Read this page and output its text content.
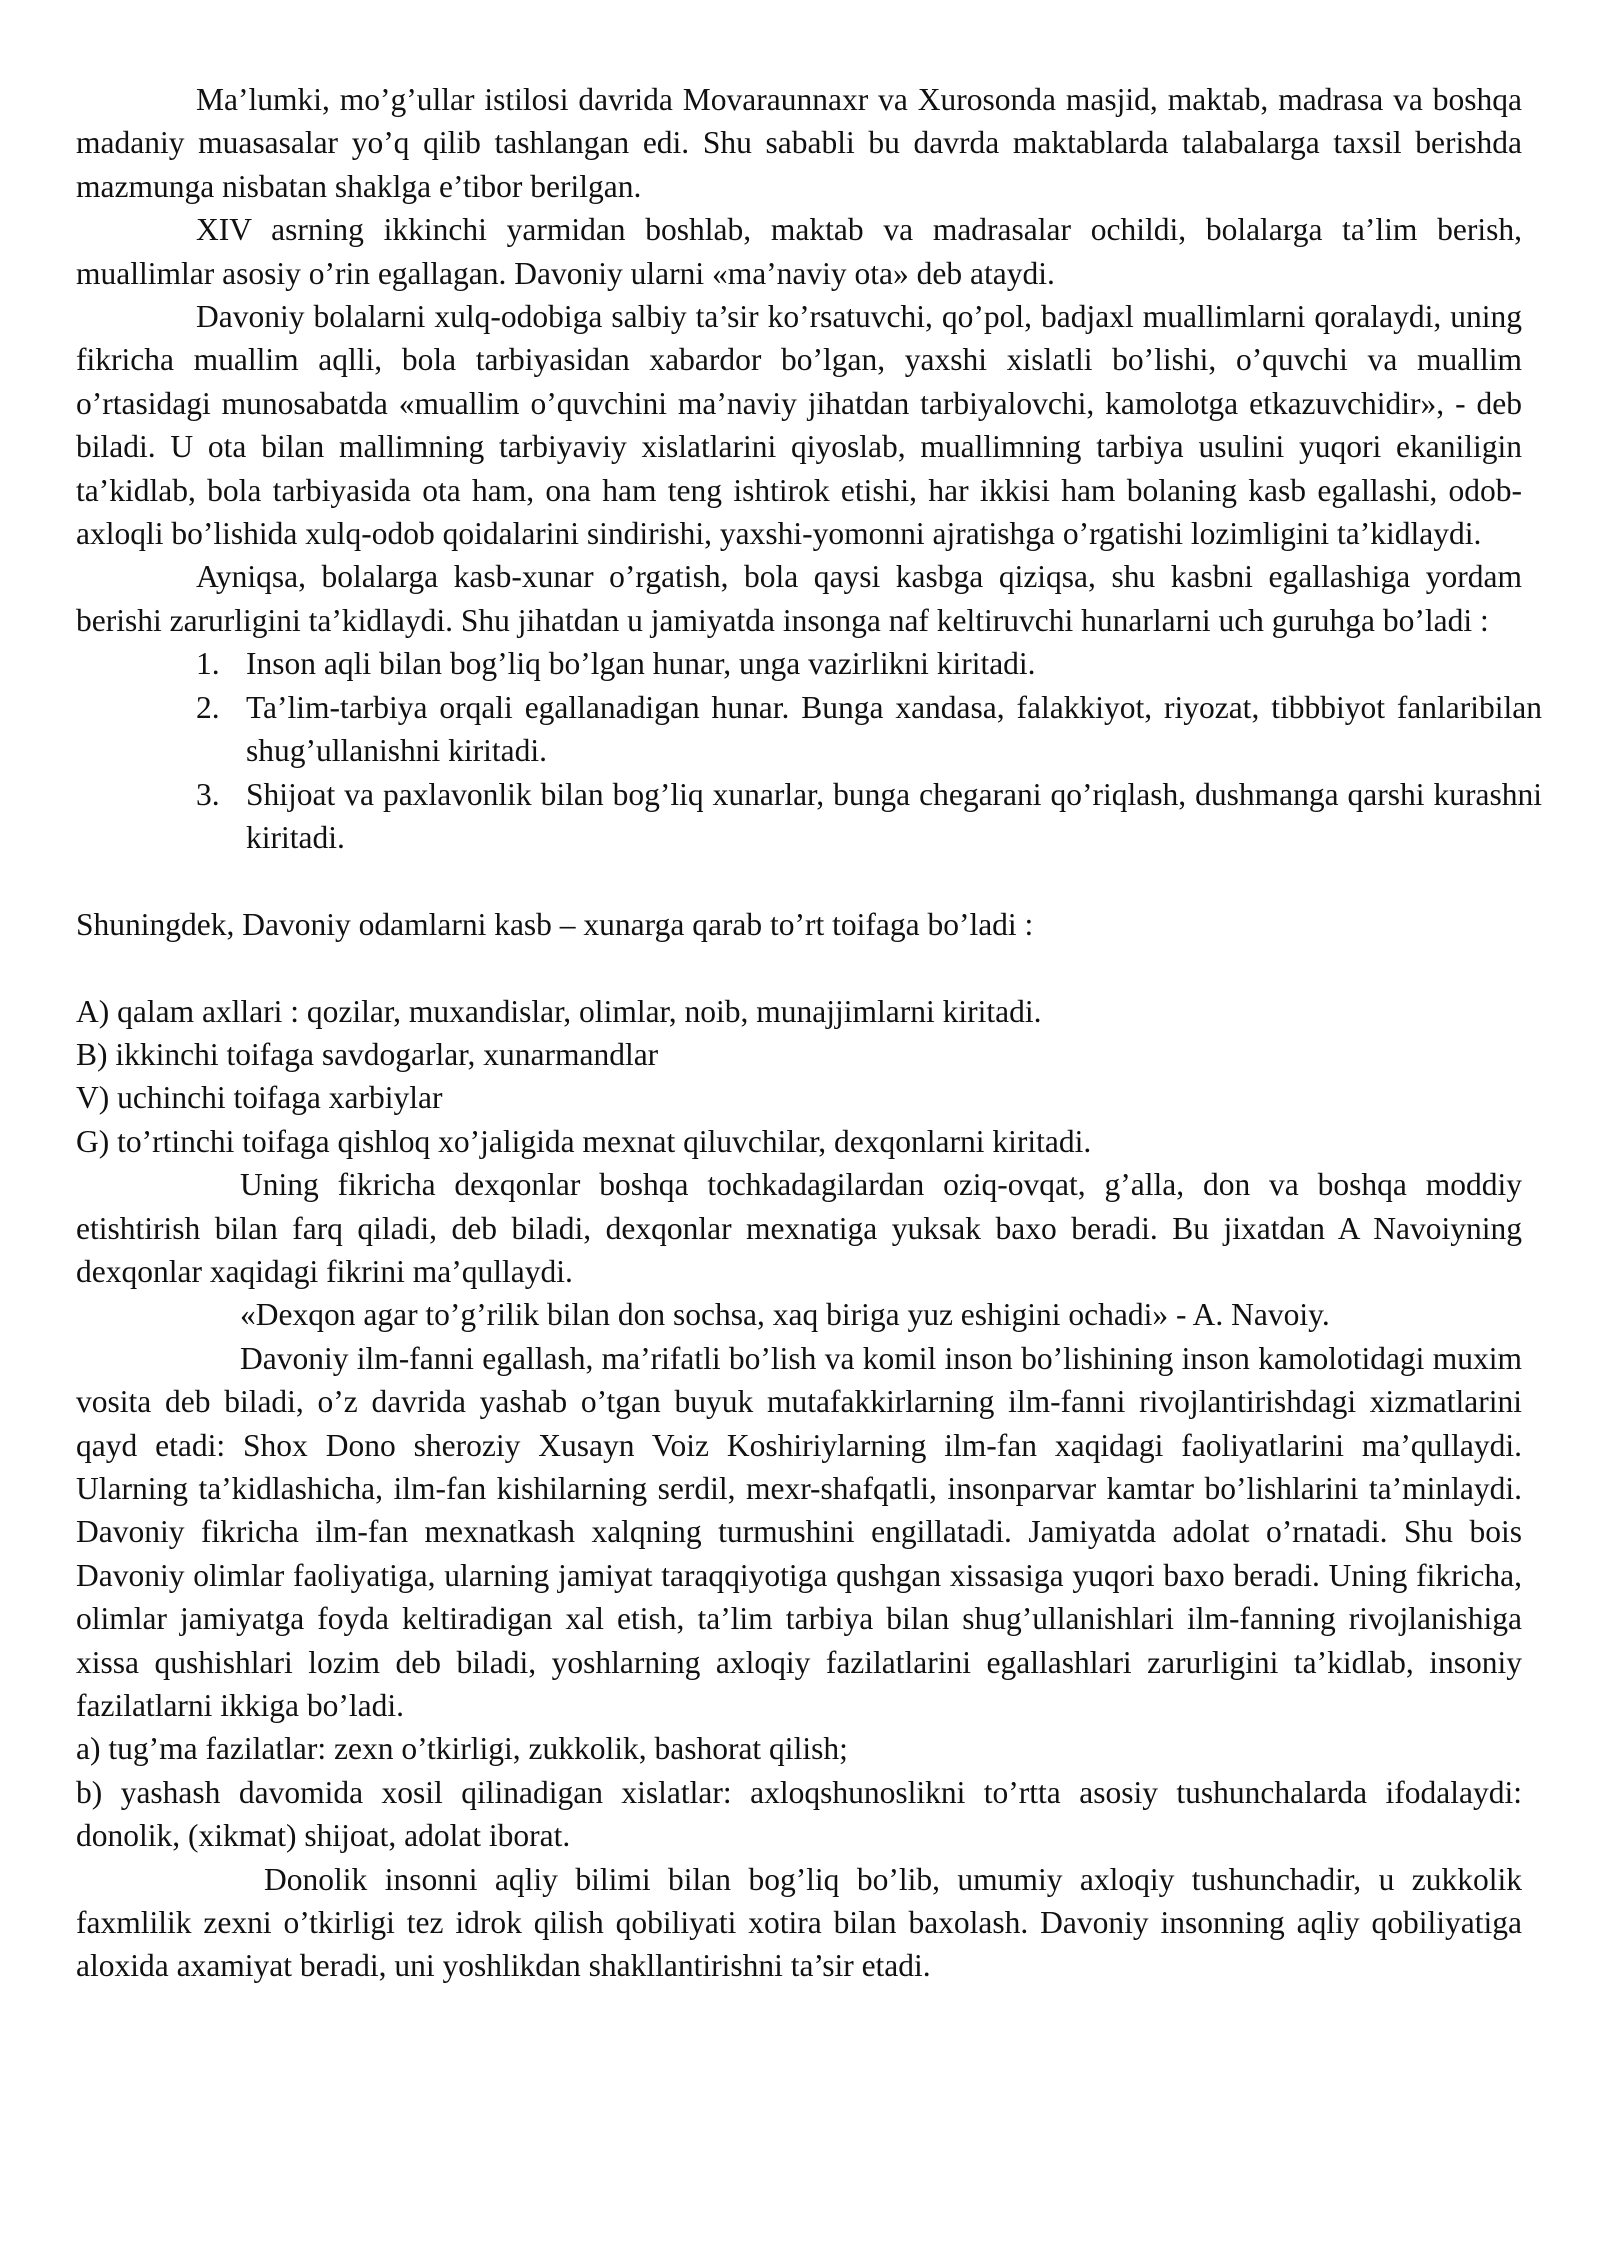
Ma’lumki, mo’g’ullar istilosi davrida Movaraunnaxr va Xurosonda masjid, maktab, madrasa va boshqa madaniy muasasalar yo’q qilib tashlangan edi. Shu sababli bu davrda maktablarda talabalarga taxsil berishda mazmunga nisbatan shaklga e’tibor berilgan.

XIV asrning ikkinchi yarmidan boshlab, maktab va madrasalar ochildi, bolalarga ta’lim berish, muallimlar asosiy o’rin egallagan. Davoniy ularni «ma’naviy ota» deb ataydi.

Davoniy bolalarni xulq-odobiga salbiy ta’sir ko’rsatuvchi, qo’pol, badjaxl muallimlarni qoralaydi, uning fikricha muallim aqlli, bola tarbiyasidan xabardor bo’lgan, yaxshi xislatli bo’lishi, o’quvchi va muallim o’rtasidagi munosabatda «muallim o’quvchini ma’naviy jihatdan tarbiyalovchi, kamolotga etkazuvchidir», - deb biladi. U ota bilan mallimning tarbiyaviy xislatlarini qiyoslab, muallimning tarbiya usulini yuqori ekaniligin ta’kidlab, bola tarbiyasida ota ham, ona ham teng ishtirok etishi, har ikkisi ham bolaning kasb egallashi, odob-axloqli bo’lishida xulq-odob qoidalarini sindirishi, yaxshi-yomonni ajratishga o’rgatishi lozimligini ta’kidlaydi.

Ayniqsa, bolalarga kasb-xunar o’rgatish, bola qaysi kasbga qiziqsa, shu kasbni egallashiga yordam berishi zarurligini ta’kidlaydi. Shu jihatdan u jamiyatda insonga naf keltiruvchi hunarlarni uch guruhga bo’ladi :

1. Inson aqli bilan bog’liq bo’lgan hunar, unga vazirlikni kiritadi.
2. Ta’lim-tarbiya orqali egallanadigan hunar. Bunga xandasa, falakkiyot, riyozat, tibbbiyot fanlaribilan shug’ullanishni kiritadi.
3. Shijoat va paxlavonlik bilan bog’liq xunarlar, bunga chegarani qo’riqlash, dushmanga qarshi kurashni kiritadi.

Shuningdek, Davoniy odamlarni kasb – xunarga qarab to’rt toifaga bo’ladi :

A) qalam axllari : qozilar, muxandislar, olimlar, noib, munajjimlarni kiritadi.

B) ikkinchi toifaga savdogarlar, xunarmandlar

V) uchinchi toifaga xarbiylar

G) to’rtinchi toifaga qishloq xo’jaligida mexnat qiluvchilar, dexqonlarni kiritadi.

Uning fikricha dexqonlar boshqa tochkadagilardan oziq-ovqat, g’alla, don va boshqa moddiy etishtirish bilan farq qiladi, deb biladi, dexqonlar mexnatiga yuksak baxo beradi. Bu jixatdan A Navoiyning dexqonlar xaqidagi fikrini ma’qullaydi.

«Dexqon agar to’g’rilik bilan don sochsa, xaq biriga yuz eshigini ochadi» - A. Navoiy.

Davoniy ilm-fanni egallash, ma’rifatli bo’lish va komil inson bo’lishining inson kamolotidagi muxim vosita deb biladi, o’z davrida yashab o’tgan buyuk mutafakkirlarning ilm-fanni rivojlantirishdagi xizmatlarini qayd etadi: Shox Dono sheroziy Xusayn Voiz Koshiriylarning ilm-fan xaqidagi faoliyatlarini ma’qullaydi. Ularning ta’kidlashicha, ilm-fan kishilarning serdil, mexr-shafqatli, insonparvar kamtar bo’lishlarini ta’minlaydi. Davoniy fikricha ilm-fan mexnatkash xalqning turmushini engillatadi. Jamiyatda adolat o’rnatadi. Shu bois Davoniy olimlar faoliyatiga, ularning jamiyat taraqqiyotiga qushgan xissasiga yuqori baxo beradi. Uning fikricha, olimlar jamiyatga foyda keltiradigan xal etish, ta’lim tarbiya bilan shug’ullanishlari ilm-fanning rivojlanishiga xissa qushishlari lozim deb biladi, yoshlarning axloqiy fazilatlarini egallashlari zarurligini ta’kidlab, insoniy fazilatlarni ikkiga bo’ladi.

a) tug’ma fazilatlar: zexn o’tkirligi, zukkolik, bashorat qilish;

b) yashash davomida xosil qilinadigan xislatlar: axloqshunoslikni to’rtta asosiy tushunchalarda ifodalaydi: donolik, (xikmat) shijoat, adolat iborat.

Donolik insonni aqliy bilimi bilan bog’liq bo’lib, umumiy axloqiy tushunchadir, u zukkolik faxmlilik zexni o’tkirligi tez idrok qilish qobiliyati xotira bilan baxolash. Davoniy insonning aqliy qobiliyatiga aloxida axamiyat beradi, uni yoshlikdan shakllantirishni ta’sir etadi.
